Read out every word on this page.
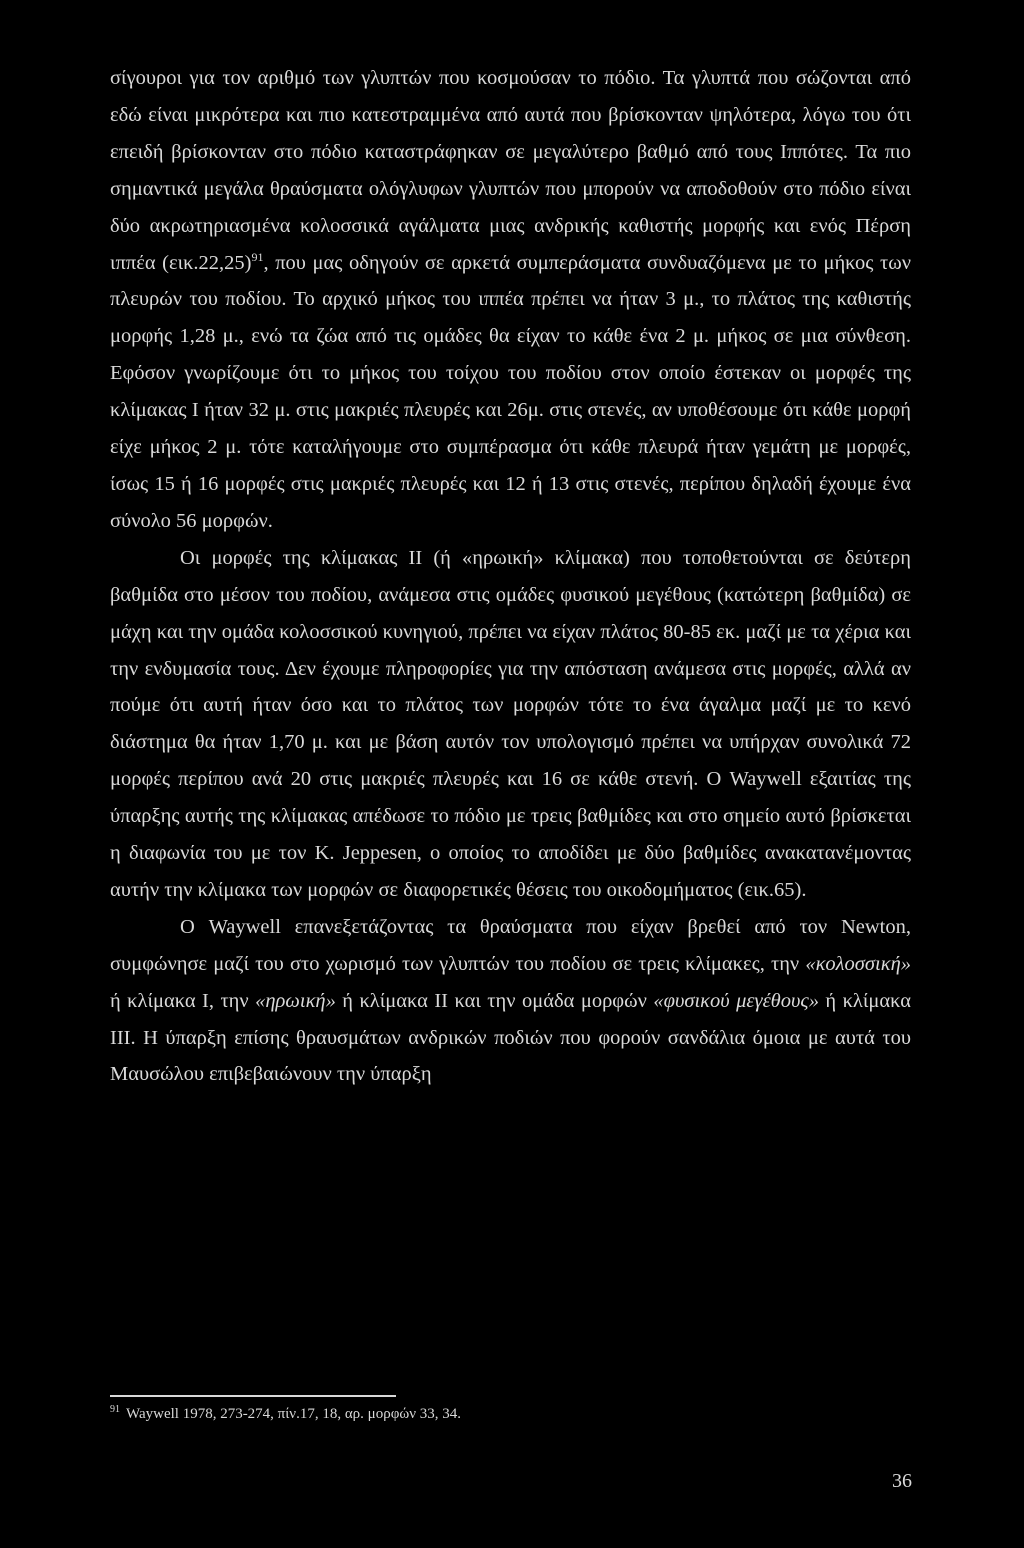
σίγουροι για τον αριθμό των γλυπτών που κοσμούσαν το πόδιο. Τα γλυπτά που σώζονται από εδώ είναι μικρότερα και πιο κατεστραμμένα από αυτά που βρίσκονταν ψηλότερα, λόγω του ότι επειδή βρίσκονταν στο πόδιο καταστράφηκαν σε μεγαλύτερο βαθμό από τους Ιππότες. Τα πιο σημαντικά μεγάλα θραύσματα ολόγλυφων γλυπτών που μπορούν να αποδοθούν στο πόδιο είναι δύο ακρωτηριασμένα κολοσσικά αγάλματα μιας ανδρικής καθιστής μορφής και ενός Πέρση ιππέα $(\varepsilon\iota\kappa.22,25)^{91}$, που μας οδηγούν σε αρκετά συμπεράσματα συνδυαζόμενα με το μήκος των πλευρών του ποδίου. Το αρχικό μήκος του ιππέα πρέπει να ήταν 3 μ., το πλάτος της καθιστής μορφής 1,28 μ., ενώ τα ζώα από τις ομάδες θα είχαν το κάθε ένα 2 μ. μήκος σε μια σύνθεση. Εφόσον γνωρίζουμε ότι το μήκος του τοίχου του ποδίου στον οποίο έστεκαν οι μορφές της κλίμακας Ι ήταν 32 μ. στις μακριές πλευρές και 26μ. στις στενές, αν υποθέσουμε ότι κάθε μορφή είχε μήκος 2 μ. τότε καταλήγουμε στο συμπέρασμα ότι κάθε πλευρά ήταν γεμάτη με μορφές, ίσως 15 ή 16 μορφές στις μακριές πλευρές και 12 ή 13 στις στενές, περίπου δηλαδή έχουμε ένα σύνολο 56 μορφών.

Οι μορφές της κλίμακας ΙΙ (ή «ηρωική» κλίμακα) που τοποθετούνται σε δεύτερη βαθμίδα στο μέσον του ποδίου, ανάμεσα στις ομάδες φυσικού μεγέθους (κατώτερη βαθμίδα) σε μάχη και την ομάδα κολοσσικού κυνηγιού, πρέπει να είχαν πλάτος 80-85 εκ. μαζί με τα χέρια και την ενδυμασία τους. Δεν έχουμε πληροφορίες για την απόσταση ανάμεσα στις μορφές, αλλά αν πούμε ότι αυτή ήταν όσο και το πλάτος των μορφών τότε το ένα άγαλμα μαζί με το κενό διάστημα θα ήταν 1,70 μ. και με βάση αυτόν τον υπολογισμό πρέπει να υπήρχαν συνολικά 72 μορφές περίπου ανά 20 στις μακριές πλευρές και 16 σε κάθε στενή. Ο Waywell εξαιτίας της ύπαρξης αυτής της κλίμακας απέδωσε το πόδιο με τρεις βαθμίδες και στο σημείο αυτό βρίσκεται η διαφωνία του με τον Κ. Jeppesen, ο οποίος το αποδίδει με δύο βαθμίδες ανακατανέμοντας αυτήν την κλίμακα των μορφών σε διαφορετικές θέσεις του οικοδομήματος (εικ.65).

Ο Waywell επανεξετάζοντας τα θραύσματα που είχαν βρεθεί από τον Newton, συμφώνησε μαζί του στο χωρισμό των γλυπτών του ποδίου σε τρεις κλίμακες, την «κολοσσική» ή κλίμακα Ι, την «ηρωική» ή κλίμακα ΙΙ και την ομάδα μορφών «φυσικού μεγέθους» ή κλίμακα ΙΙΙ. Η ύπαρξη επίσης θραυσμάτων ανδρικών ποδιών που φορούν σανδάλια όμοια με αυτά του Μαυσώλου επιβεβαιώνουν την ύπαρξη

$^{91}$ Waywell 1978, 273-274, πίν.17, 18, αρ. μορφών 33, 34.
36
